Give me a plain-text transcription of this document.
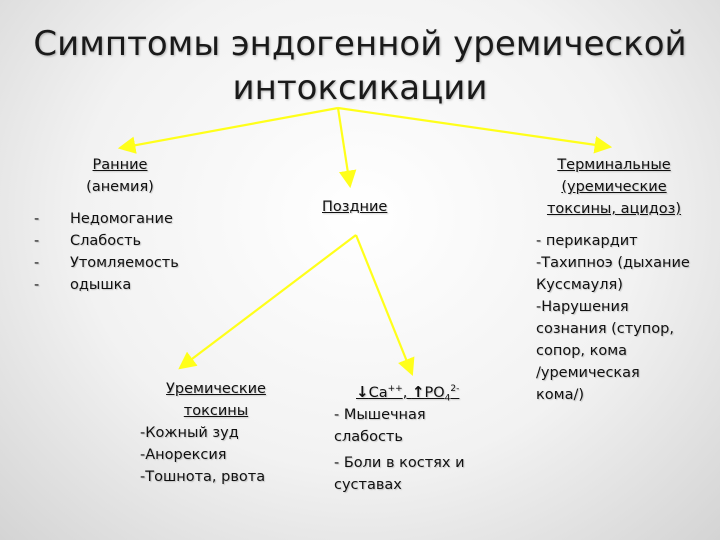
Симптомы эндогенной уремической
интоксикации
Ранние
(анемия)
- Недомогание
- Слабость
- Утомляемость
- одышка
Поздние
Уремические
токсины
-Кожный зуд
-Анорексия
-Тошнота, рвота
↓Са++, $↑РО_4^{2-}$
- Мышечная
слабость
- Боли в костях и
суставах
Терминальные
(уремические
токсины, ацидоз)
- перикардит
-Тахипноэ (дыхание
Куссмауля)
-Нарушения
сознания (ступор,
сопор, кома
/уремическая
кома/)
